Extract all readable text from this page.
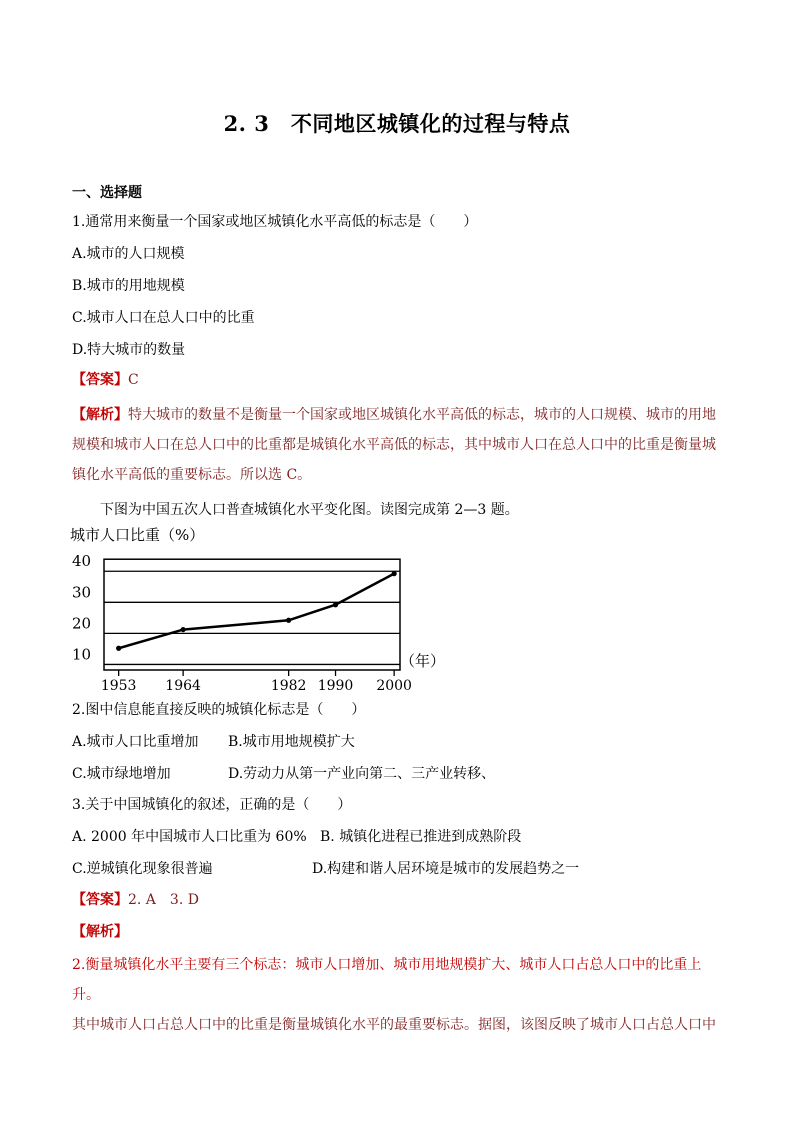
2. 3　不同地区城镇化的过程与特点
一、选择题
1.通常用来衡量一个国家或地区城镇化水平高低的标志是（　　）
A.城市的人口规模
B.城市的用地规模
C.城市人口在总人口中的比重
D.特大城市的数量
【答案】C
【解析】特大城市的数量不是衡量一个国家或地区城镇化水平高低的标志，城市的人口规模、城市的用地
规模和城市人口在总人口中的比重都是城镇化水平高低的标志，其中城市人口在总人口中的比重是衡量城
镇化水平高低的重要标志。所以选 C。
下图为中国五次人口普查城镇化水平变化图。读图完成第 2—3 题。
城市人口比重（%）
40
30
20
10
1953 1964	1982 1990 2000
（年）
2.图中信息能直接反映的城镇化标志是（　　）
A.城市人口比重增加 B.城市用地规模扩大
C.城市绿地增加	D.劳动力从第一产业向第二、三产业转移、
3.关于中国城镇化的叙述，正确的是（　　）
A. 2000 年中国城市人口比重为 60% B. 城镇化进程已推进到成熟阶段
C.逆城镇化现象很普遍	D.构建和谐人居环境是城市的发展趋势之一
【答案】2. A　3. D
【解析】
2.衡量城镇化水平主要有三个标志：城市人口增加、城市用地规模扩大、城市人口占总人口中的比重上升。
其中城市人口占总人口中的比重是衡量城镇化水平的最重要标志。据图，该图反映了城市人口占总人口中
